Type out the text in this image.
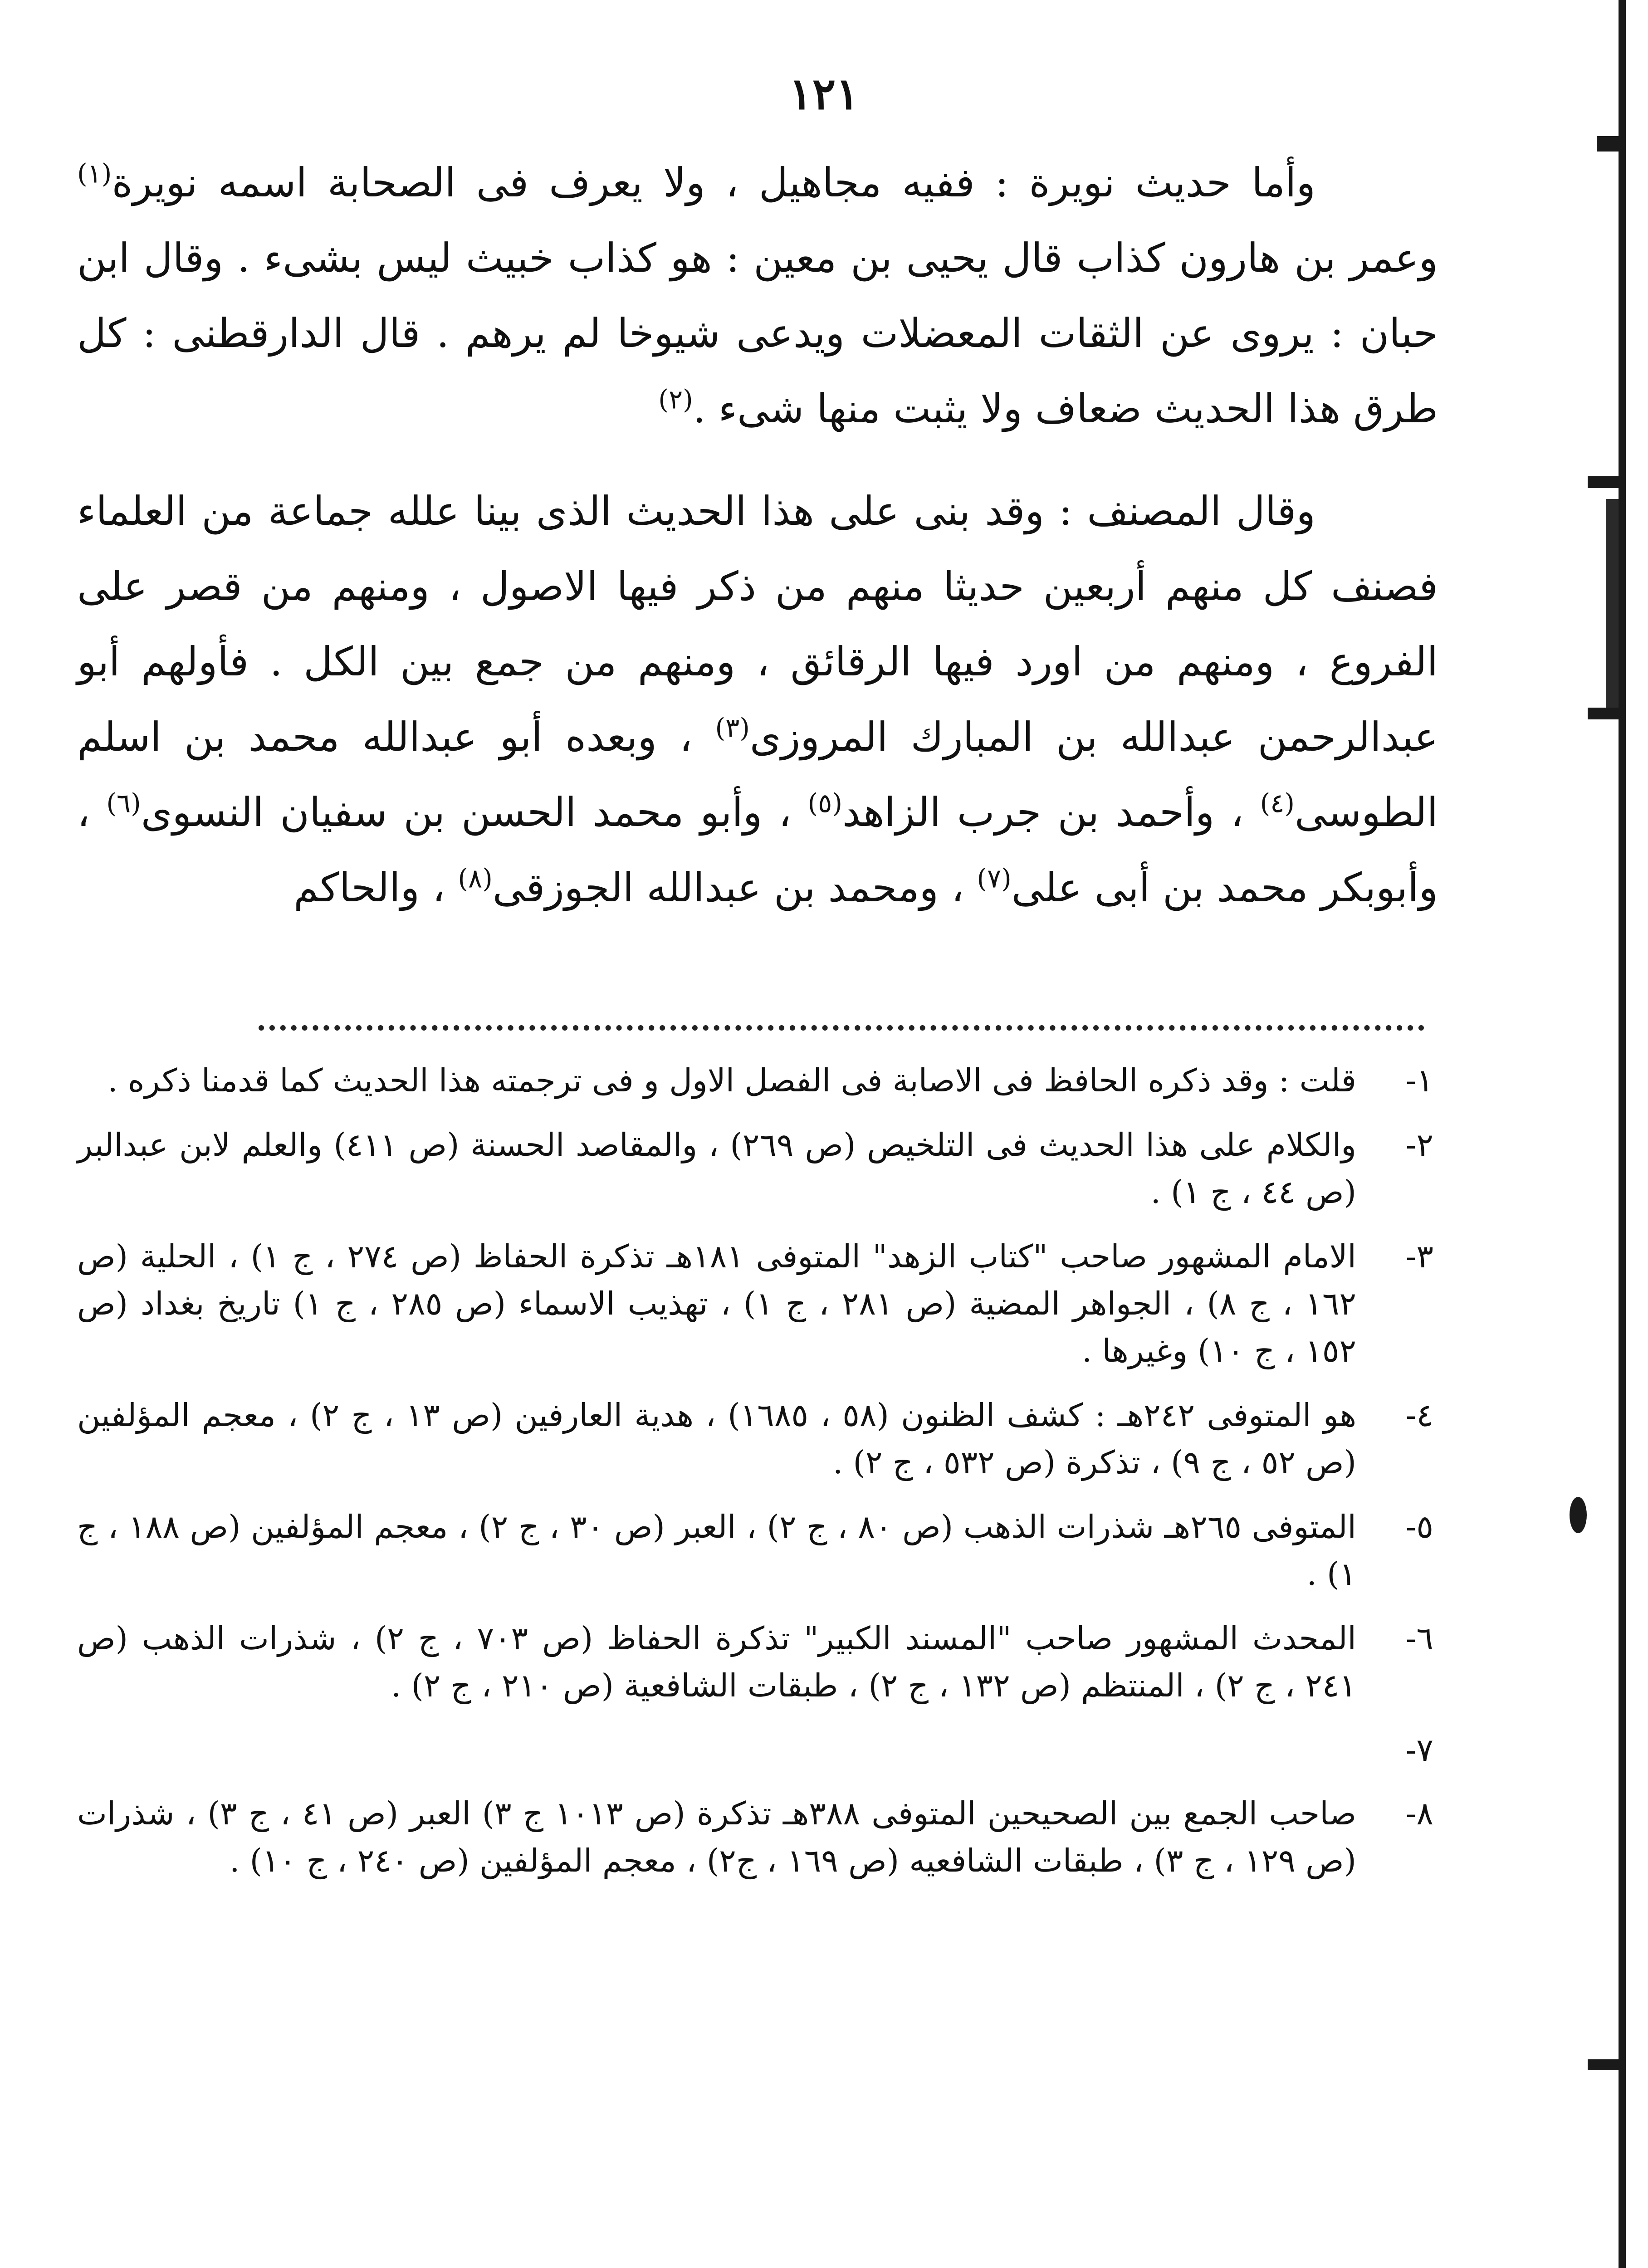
١٢١

وأما حديث نويرة : ففيه مجاهيل ، ولا يعرف فى الصحابة اسمه نويرة$^{(١)}$ وعمر بن هارون كذاب قال يحيى بن معين : هو كذاب خبيث ليس بشىء . وقال ابن حبان : يروى عن الثقات المعضلات ويدعى شيوخا لم يرهم . قال الدارقطنى : كل طرق هذا الحديث ضعاف ولا يثبت منها شىء .$^{(٢)}$

وقال المصنف : وقد بنى على هذا الحديث الذى بينا علله جماعة من العلماء فصنف كل منهم أربعين حديثا منهم من ذكر فيها الاصول ، ومنهم من قصر على الفروع ، ومنهم من اورد فيها الرقائق ، ومنهم من جمع بين الكل . فأولهم أبو عبدالرحمن عبدالله بن المبارك المروزى$^{(٣)}$ ، وبعده أبو عبدالله محمد بن اسلم الطوسى$^{(٤)}$ ، وأحمد بن جرب الزاهد$^{(٥)}$ ، وأبو محمد الحسن بن سفيان النسوى$^{(٦)}$ ، وأبوبكر محمد بن أبى على$^{(٧)}$ ، ومحمد بن عبدالله الجوزقى$^{(٨)}$ ، والحاكم

١-
قلت : وقد ذكره الحافظ فى الاصابة فى الفصل الاول و فى ترجمته هذا الحديث كما قدمنا ذكره .
٢-
والكلام على هذا الحديث فى التلخيص (ص ٢٦٩) ، والمقاصد الحسنة (ص ٤١١) والعلم لابن عبدالبر (ص ٤٤ ، ج ١) .
٣-
الامام المشهور صاحب "كتاب الزهد" المتوفى ١٨١هـ تذكرة الحفاظ (ص ٢٧٤ ، ج ١) ، الحلية (ص ١٦٢ ، ج ٨) ، الجواهر المضية (ص ٢٨١ ، ج ١) ، تهذيب الاسماء (ص ٢٨٥ ، ج ١) تاريخ بغداد (ص ١٥٢ ، ج ١٠) وغيرها .
٤-
هو المتوفى ٢٤٢هـ : كشف الظنون (٥٨ ، ١٦٨٥) ، هدية العارفين (ص ١٣ ، ج ٢) ، معجم المؤلفين (ص ٥٢ ، ج ٩) ، تذكرة (ص ٥٣٢ ، ج ٢) .
٥-
المتوفى ٢٦٥هـ شذرات الذهب (ص ٨٠ ، ج ٢) ، العبر (ص ٣٠ ، ج ٢) ، معجم المؤلفين (ص ١٨٨ ، ج ١) .
٦-
المحدث المشهور صاحب "المسند الكبير" تذكرة الحفاظ (ص ٧٠٣ ، ج ٢) ، شذرات الذهب (ص ٢٤١ ، ج ٢) ، المنتظم (ص ١٣٢ ، ج ٢) ، طبقات الشافعية (ص ٢١٠ ، ج ٢) .
٧-
٨-
صاحب الجمع بين الصحيحين المتوفى ٣٨٨هـ تذكرة (ص ١٠١٣ ج ٣) العبر (ص ٤١ ، ج ٣) ، شذرات (ص ١٢٩ ، ج ٣) ، طبقات الشافعيه (ص ١٦٩ ، ج٢) ، معجم المؤلفين (ص ٢٤٠ ، ج ١٠) .
